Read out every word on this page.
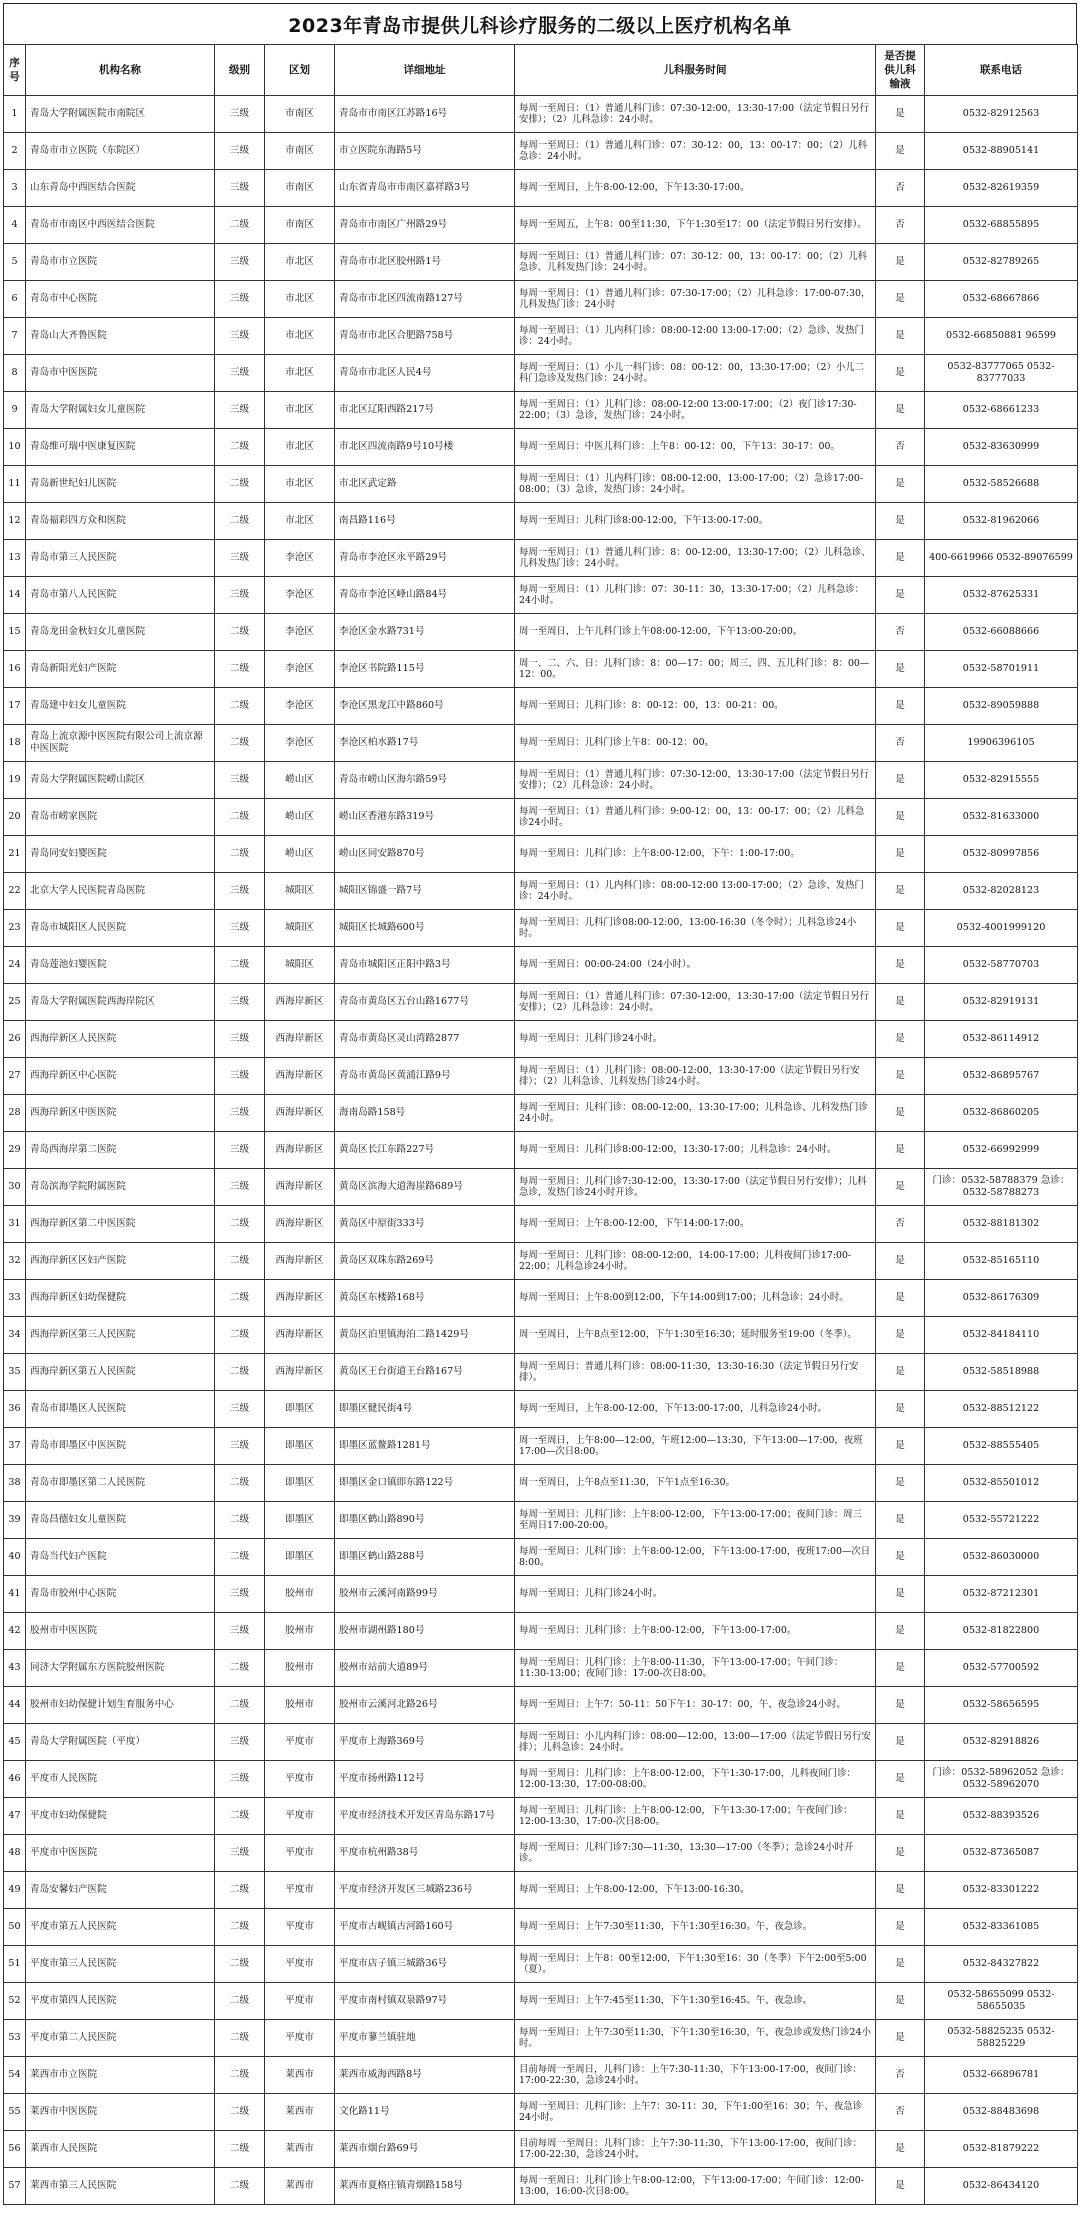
2023年青岛市提供儿科诊疗服务的二级以上医疗机构名单
序号	机构名称	级别	区划	详细地址	儿科服务时间	是否提供儿科输液	联系电话
1	青岛大学附属医院市南院区	三级	市南区	青岛市市南区江苏路16号	每周一至周日：（1）普通儿科门诊：07:30-12:00，13:30-17:00（法定节假日另行安排）；（2）儿科急诊：24小时。	是	0532-82912563
2	青岛市市立医院（东院区）	三级	市南区	市立医院东海路5号	每周一至周日：（1）普通儿科门诊：07：30-12：00，13：00-17：00；（2）儿科急诊：24小时。	是	0532-88905141
3	山东青岛中西医结合医院	三级	市南区	山东省青岛市市南区嘉祥路3号	每周一至周日，上午8:00-12:00，下午13:30-17:00。	否	0532-82619359
4	青岛市市南区中西医结合医院	二级	市南区	青岛市市南区广州路29号	每周一至周五，上午8：00至11:30，下午1:30至17：00（法定节假日另行安排）。	否	0532-68855895
5	青岛市市立医院	三级	市北区	青岛市市北区胶州路1号	每周一至周日：（1）普通儿科门诊：07：30-12：00，13：00-17：00；（2）儿科急诊、儿科发热门诊：24小时。	是	0532-82789265
6	青岛市中心医院	三级	市北区	青岛市市北区四流南路127号	每周一至周日：（1）普通儿科门诊：07:30-17:00；（2）儿科急诊：17:00-07:30，儿科发热门诊：24小时	是	0532-68667866
7	青岛山大齐鲁医院	三级	市北区	青岛市市北区合肥路758号	每周一至周日：（1）儿内科门诊：08:00-12:00 13:00-17:00；（2）急诊、发热门诊：24小时。	是	0532-66850881 96599
8	青岛市中医医院	三级	市北区	青岛市市北区人民4号	每周一至周日：（1）小儿一科门诊：08：00-12：00，13:30-17:00；（2）小儿二科门急诊及发热门诊：24小时。	是	0532-83777065 0532-83777033
9	青岛大学附属妇女儿童医院	三级	市北区	市北区辽阳西路217号	每周一至周日：（1）儿科门诊：08:00-12:00 13:00-17:00；（2）夜门诊17:30-22:00；（3）急诊，发热门诊：24小时。	是	0532-68661233
10	青岛维可瑞中医康复医院	二级	市北区	市北区四流南路9号10号楼	每周一至周日：中医儿科门诊：上午8：00-12：00，下午13：30-17：00。	否	0532-83630999
11	青岛新世纪妇儿医院	二级	市北区	市北区武定路	每周一至周日：（1）儿内科门诊：08:00-12:00，13:00-17:00；（2）急诊17:00-08:00；（3）急诊，发热门诊：24小时。	是	0532-58526688
12	青岛福彩四方众和医院	二级	市北区	南昌路116号	每周一至周日：儿科门诊8:00-12:00，下午13:00-17:00。	是	0532-81962066
13	青岛市第三人民医院	三级	李沧区	青岛市李沧区永平路29号	每周一至周日：（1）普通儿科门诊：8：00-12:00，13:30-17:00；（2）儿科急诊、儿科发热门诊：24小时。	是	400-6619966 0532-89076599
14	青岛市第八人民医院	三级	李沧区	青岛市李沧区峰山路84号	每周一至周日：（1）儿科门诊：07：30-11：30，13:30-17:00；（2）儿科急诊：24小时。	是	0532-87625331
15	青岛龙田金秋妇女儿童医院	二级	李沧区	李沧区金水路731号	周一至周日，上午儿科门诊上午08:00-12:00，下午13:00-20:00。	否	0532-66088666
16	青岛新阳光妇产医院	二级	李沧区	李沧区书院路115号	周一、二、六、日：儿科门诊：8：00—17：00；周三、四、五儿科门诊：8：00—12：00。	是	0532-58701911
17	青岛建中妇女儿童医院	二级	李沧区	李沧区黑龙江中路860号	每周一至周日：儿科门诊：8：00-12：00，13：00-21：00。	是	0532-89059888
18	青岛上流京源中医医院有限公司上流京源中医医院	二级	李沧区	李沧区柏水路17号	每周一至周日：儿科门诊上午8：00-12：00。	否	19906396105
19	青岛大学附属医院崂山院区	三级	崂山区	青岛市崂山区海尔路59号	每周一至周日：（1）普通儿科门诊：07:30-12:00，13:30-17:00（法定节假日另行安排）；（2）儿科急诊：24小时。	是	0532-82915555
20	青岛市崂家医院	二级	崂山区	崂山区香港东路319号	每周一至周日：（1）普通儿科门诊：9:00-12：00，13：00-17：00；（2）儿科急诊24小时。	是	0532-81633000
21	青岛同安妇婴医院	二级	崂山区	崂山区同安路870号	每周一至周日：儿科门诊：上午8:00-12:00，下午：1:00-17:00。	是	0532-80997856
22	北京大学人民医院青岛医院	三级	城阳区	城阳区锦盛一路7号	每周一至周日：（1）儿内科门诊：08:00-12:00 13:00-17:00；（2）急诊、发热门诊：24小时。	是	0532-82028123
23	青岛市城阳区人民医院	三级	城阳区	城阳区长城路600号	每周一至周日：儿科门诊08:00-12:00，13:00-16:30（冬令时）；儿科急诊24小时。	是	0532-4001999120
24	青岛莲池妇婴医院	二级	城阳区	青岛市城阳区正阳中路3号	每周一至周日：00:00-24:00（24小时）。	是	0532-58770703
25	青岛大学附属医院西海岸院区	三级	西海岸新区	青岛市黄岛区五台山路1677号	每周一至周日：（1）普通儿科门诊：07:30-12:00，13:30-17:00（法定节假日另行安排）；（2）儿科急诊：24小时。	是	0532-82919131
26	西海岸新区人民医院	三级	西海岸新区	青岛市黄岛区灵山湾路2877	每周一至周日：儿科门诊24小时。	是	0532-86114912
27	西海岸新区中心医院	三级	西海岸新区	青岛市黄岛区黄浦江路9号	每周一至周日：（1）儿科门诊：08:00-12:00，13:30-17:00（法定节假日另行安排）；（2）儿科急诊、儿科发热门诊24小时。	是	0532-86895767
28	西海岸新区中医医院	三级	西海岸新区	海南岛路158号	每周一至周日：儿科门诊：08:00-12:00，13:30-17:00；儿科急诊、儿科发热门诊24小时。	是	0532-86860205
29	青岛西海岸第二医院	三级	西海岸新区	黄岛区长江东路227号	每周一至周日：儿科门诊8:00-12:00，13:30-17:00；儿科急诊：24小时。	是	0532-66992999
30	青岛滨海学院附属医院	三级	西海岸新区	黄岛区滨海大道海崖路689号	每周一至周日：儿科门诊7:30-12:00，13:30-17:00（法定节假日另行安排）；儿科急诊，发热门诊24小时开诊。	是	门诊：0532-58788379 急诊：0532-58788273
31	西海岸新区第二中医医院	二级	西海岸新区	黄岛区中原街333号	每周一至周日：上午8:00-12:00，下午14:00-17:00。	否	0532-88181302
32	西海岸新区区妇产医院	二级	西海岸新区	黄岛区双珠东路269号	每周一至周日：儿科门诊：08:00-12:00，14:00-17:00；儿科夜间门诊17:00-22:00；儿科急诊24小时。	是	0532-85165110
33	西海岸新区妇幼保健院	二级	西海岸新区	黄岛区东楼路168号	每周一至周日：上午8:00到12:00，下午14:00到17:00；儿科急诊：24小时。	是	0532-86176309
34	西海岸新区第三人民医院	二级	西海岸新区	黄岛区泊里镇海泊二路1429号	周一至周日，上午8点至12:00，下午1:30至16:30；延时服务至19:00（冬季）。	是	0532-84184110
35	西海岸新区第五人民医院	二级	西海岸新区	黄岛区王台街道王台路167号	每周一至周日：普通儿科门诊：08:00-11:30，13:30-16:30（法定节假日另行安排）。	是	0532-58518988
36	青岛市即墨区人民医院	三级	即墨区	即墨区健民街4号	每周一至周日，上午8:00-12:00，下午13:00-17:00，儿科急诊24小时。	是	0532-88512122
37	青岛市即墨区中医医院	三级	即墨区	即墨区蓝鳌路1281号	周一至周日，上午8:00—12:00，午班12:00—13:30，下午13:00—17:00，夜班17:00—次日8:00。	是	0532-88555405
38	青岛市即墨区第二人民医院	二级	即墨区	即墨区金口镇即东路122号	周一至周日，上午8点至11:30，下午1点至16:30。	是	0532-85501012
39	青岛昌德妇女儿童医院	二级	即墨区	即墨区鹤山路890号	每周一至周日：儿科门诊：上午8:00-12:00，下午13:00-17:00；夜间门诊：周三至周日17:00-20:00。	是	0532-55721222
40	青岛当代妇产医院	二级	即墨区	即墨区鹤山路288号	每周一至周日：儿科门诊：上午8:00-12:00，下午13:00-17:00，夜班17:00—次日8:00。	是	0532-86030000
41	青岛市胶州中心医院	三级	胶州市	胶州市云溪河南路99号	每周一至周日：儿科门诊24小时。	是	0532-87212301
42	胶州市中医医院	三级	胶州市	胶州市湖州路180号	每周一至周日：儿科门诊：上午8:00-12:00，下午13:00-17:00。	是	0532-81822800
43	同济大学附属东方医院胶州医院	二级	胶州市	胶州市站前大道89号	每周一至周日：儿科门诊：上午8:00-11:30，下午13:00-17:00；午间门诊：11:30-13:00；夜间门诊：17:00-次日8:00。	是	0532-57700592
44	胶州市妇幼保健计划生育服务中心	二级	胶州市	胶州市云溪河北路26号	每周一至周日：上午7：50-11：50下午1：30-17：00，午、夜急诊24小时。	是	0532-58656595
45	青岛大学附属医院（平度）	三级	平度市	平度市上海路369号	每周一至周日：小儿内科门诊：08:00—12:00，13:00—17:00（法定节假日另行安排）；儿科急诊：24小时。	是	0532-82918826
46	平度市人民医院	三级	平度市	平度市扬州路112号	每周一至周日：儿科门诊：上午8:00-12:00，下午1:30-17:00，儿科夜间门诊：12:00-13:30，17:00-08:00。	是	门诊：0532-58962052 急诊：0532-58962070
47	平度市妇幼保健院	二级	平度市	平度市经济技术开发区青岛东路17号	每周一至周日：儿科门诊：上午8:00-12:00，下午13:30-17:00；午夜间门诊：12:00-13:30，17:00-次日8:00。	是	0532-88393526
48	平度市中医医院	三级	平度市	平度市杭州路38号	每周一至周日：儿科门诊7:30—11:30，13:30—17:00（冬季）；急诊24小时开诊。	是	0532-87365087
49	青岛安馨妇产医院	二级	平度市	平度市经济开发区三城路236号	每周一至周日：上午8:00-12:00，下午13:00-16:30。	是	0532-83301222
50	平度市第五人民医院	二级	平度市	平度市古岘镇古河路160号	每周一至周日：上午7:30至11:30，下午1:30至16:30。午、夜急诊。	是	0532-83361085
51	平度市第三人民医院	二级	平度市	平度市店子镇三城路36号	每周一至周日：上午8：00至12:00，下午1:30至16：30（冬季）下午2:00至5:00（夏）。	是	0532-84327822
52	平度市第四人民医院	二级	平度市	平度市南村镇双泉路97号	每周一至周日：上午7:45至11:30，下午1:30至16:45。午、夜急诊。	是	0532-58655099 0532-58655035
53	平度市第二人民医院	二级	平度市	平度市蓼兰镇驻地	每周一至周日：上午7:30至11:30，下午1:30至16:30，午、夜急诊或发热门诊24小时。	是	0532-58825235 0532-58825229
54	莱西市市立医院	二级	莱西市	莱西市威海西路8号	目前每周一至周日，儿科门诊：上午7:30-11:30，下午13:00-17:00，夜间门诊：17:00-22:30，急诊24小时。	否	0532-66896781
55	莱西市中医医院	二级	莱西市	文化路11号	每周一至周日：儿科门诊：上午7：30-11：30，下午1:00至16：30；午、夜急诊24小时。	否	0532-88483698
56	莱西市人民医院	二级	莱西市	莱西市烟台路69号	目前每周一至周日：儿科门诊：上午7:30-11:30，下午13:00-17:00，夜间门诊：17:00-22:30，急诊24小时。	是	0532-81879222
57	莱西市第三人民医院	二级	莱西市	莱西市夏格庄镇青烟路158号	每周一至周日：儿科门诊上午8:00-12:00，下午13:00-17:00；午间门诊：12:00-13:00，16:00-次日8:00。	是	0532-86434120
